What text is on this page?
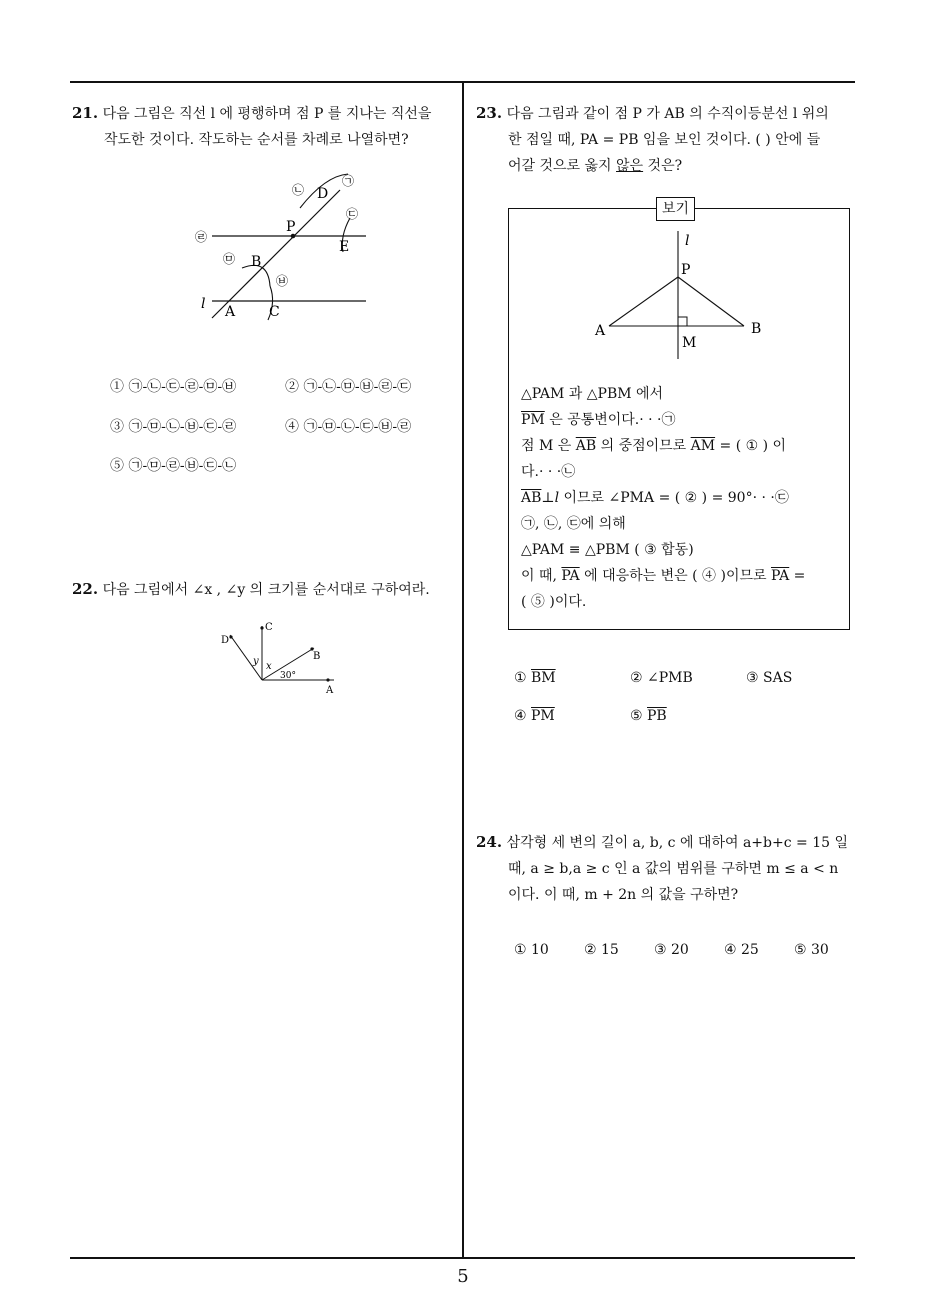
21. 다음 그림은 직선 l 에 평행하며 점 P 를 지나는 직선을
작도한 것이다. 작도하는 순서를 차례로 나열하면?
P
D
E
B
A C
l
㉠
㉡
㉢
㉣
㉤
㉥
① ㉠-㉡-㉢-㉣-㉤-㉥	② ㉠-㉡-㉤-㉥-㉣-㉢
③ ㉠-㉤-㉡-㉥-㉢-㉣	④ ㉠-㉤-㉡-㉢-㉥-㉣
⑤ ㉠-㉤-㉣-㉥-㉢-㉡
22. 다음 그림에서 ∠x , ∠y 의 크기를 순서대로 구하여라.
C
D
B
A
y x
30°
23. 다음 그림과 같이 점 P 가 AB 의 수직이등분선 l 위의
한 점일 때, PA = PB 임을 보인 것이다. ( ) 안에 들
어갈 것으로 옳지 않은 것은?
l
P
A	B
M
△PAM 과 △PBM 에서
$\overline{PM}$ 은 공통변이다.· · ·㉠
점 M 은 $\overline{AB}$ 의 중점이므로 $\overline{AM}$ = ( ① ) 이
다.· · ·㉡
$\overline{AB}\perp l$ 이므로 ∠PMA = ( ② ) = 90°· · ·㉢
㉠, ㉡, ㉢에 의해
△PAM ≡ △PBM ( ③ 합동)
이 때, $\overline{PA}$ 에 대응하는 변은 ( ④ )이므로 $\overline{PA}$ =
( ⑤ )이다.
보기
① $\overline{BM}$	② ∠PMB	③ SAS
④ $\overline{PM}$	⑤ $\overline{PB}$
24. 삼각형 세 변의 길이 a, b, c 에 대하여 a+b+c = 15 일
때, a ≥ b,a ≥ c 인 a 값의 범위를 구하면 m ≤ a < n
이다. 이 때, m + 2n 의 값을 구하면?
① 10	② 15	③ 20	④ 25	⑤ 30
5
